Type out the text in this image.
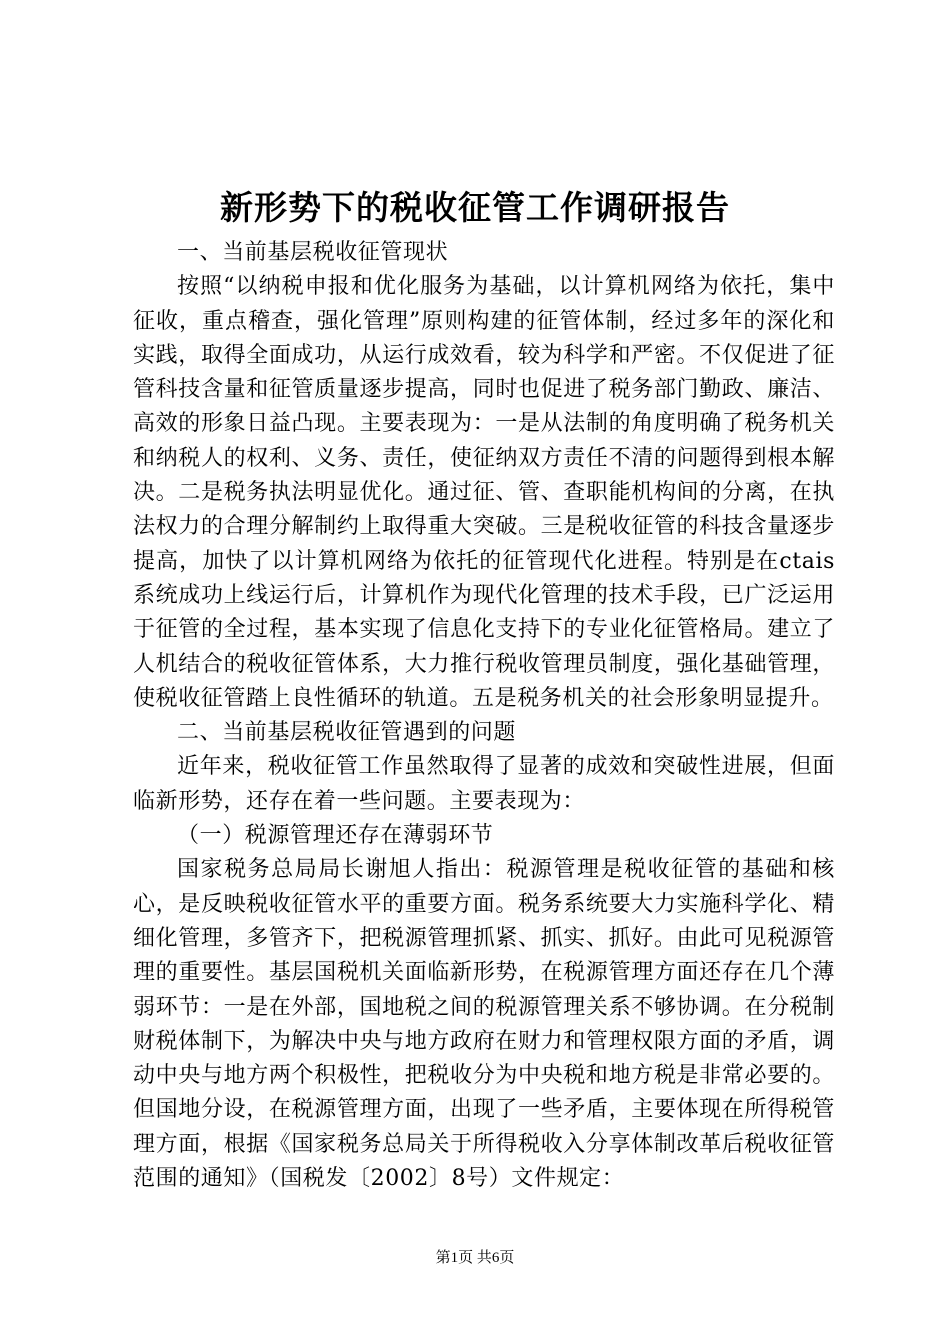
新形势下的税收征管工作调研报告
一、当前基层税收征管现状

按照“以纳税申报和优化服务为基础，以计算机网络为依托，集中征收，重点稽查，强化管理”原则构建的征管体制，经过多年的深化和实践，取得全面成功，从运行成效看，较为科学和严密。不仅促进了征管科技含量和征管质量逐步提高，同时也促进了税务部门勤政、廉洁、高效的形象日益凸现。主要表现为：一是从法制的角度明确了税务机关和纳税人的权利、义务、责任，使征纳双方责任不清的问题得到根本解决。二是税务执法明显优化。通过征、管、查职能机构间的分离，在执法权力的合理分解制约上取得重大突破。三是税收征管的科技含量逐步提高，加快了以计算机网络为依托的征管现代化进程。特别是在ctais系统成功上线运行后，计算机作为现代化管理的技术手段，已广泛运用于征管的全过程，基本实现了信息化支持下的专业化征管格局。建立了人机结合的税收征管体系，大力推行税收管理员制度，强化基础管理，使税收征管踏上良性循环的轨道。五是税务机关的社会形象明显提升。

二、当前基层税收征管遇到的问题

近年来，税收征管工作虽然取得了显著的成效和突破性进展，但面临新形势，还存在着一些问题。主要表现为：

（一）税源管理还存在薄弱环节

国家税务总局局长谢旭人指出：税源管理是税收征管的基础和核心，是反映税收征管水平的重要方面。税务系统要大力实施科学化、精细化管理，多管齐下，把税源管理抓紧、抓实、抓好。由此可见税源管理的重要性。基层国税机关面临新形势，在税源管理方面还存在几个薄弱环节：一是在外部，国地税之间的税源管理关系不够协调。在分税制财税体制下，为解决中央与地方政府在财力和管理权限方面的矛盾，调动中央与地方两个积极性，把税收分为中央税和地方税是非常必要的。但国地分设，在税源管理方面，出现了一些矛盾，主要体现在所得税管理方面，根据《国家税务总局关于所得税收入分享体制改革后税收征管范围的通知》（国税发〔2002〕8号）文件规定：

第1页 共6页
